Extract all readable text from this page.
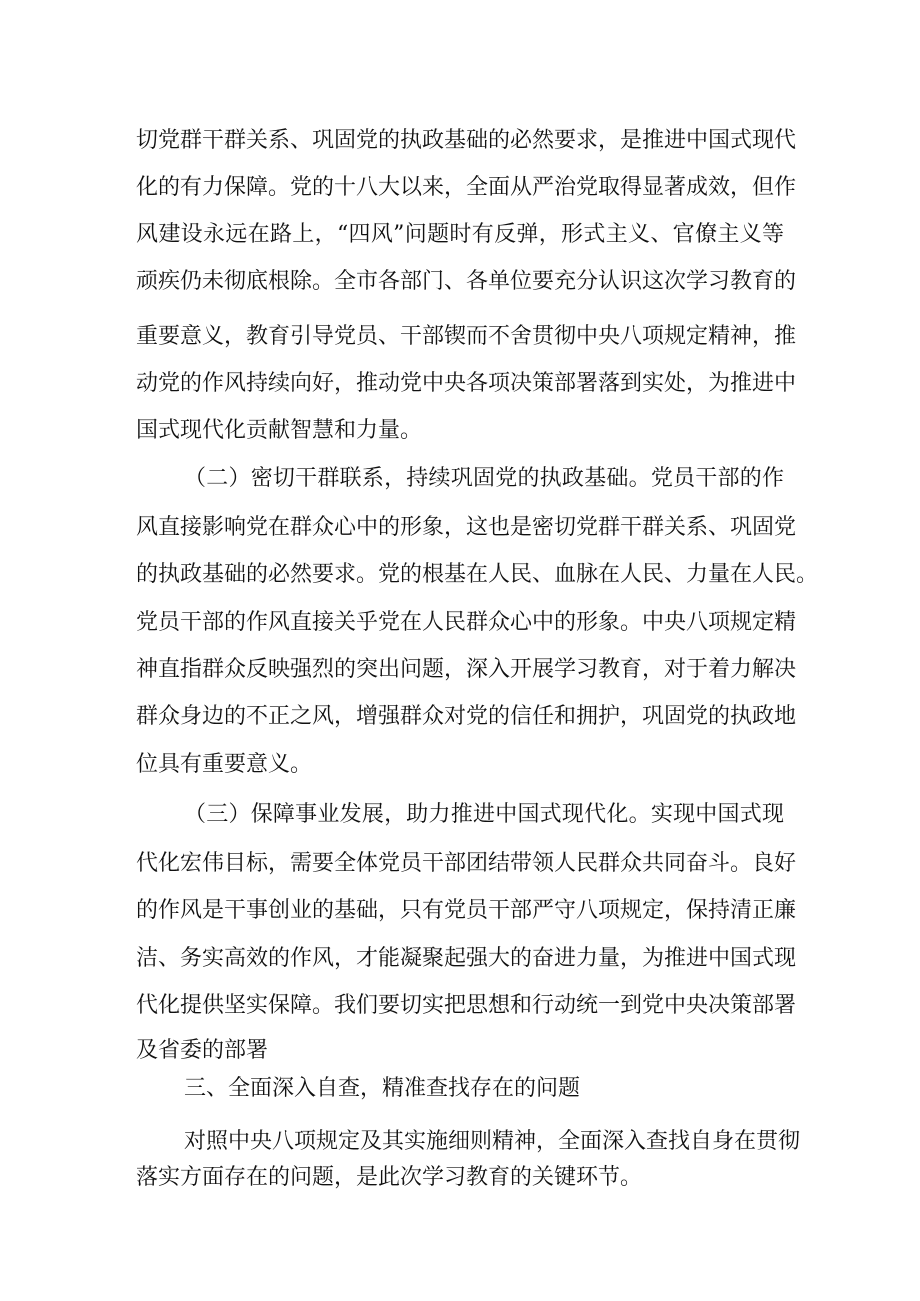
切党群干群关系、巩固党的执政基础的必然要求，是推进中国式现代
化的有力保障。党的十八大以来，全面从严治党取得显著成效，但作
风建设永远在路上，“四风”问题时有反弹，形式主义、官僚主义等
顽疾仍未彻底根除。全市各部门、各单位要充分认识这次学习教育的
重要意义，教育引导党员、干部锲而不舍贯彻中央八项规定精神，推
动党的作风持续向好，推动党中央各项决策部署落到实处，为推进中
国式现代化贡献智慧和力量。
（二）密切干群联系，持续巩固党的执政基础。党员干部的作
风直接影响党在群众心中的形象，这也是密切党群干群关系、巩固党
的执政基础的必然要求。党的根基在人民、血脉在人民、力量在人民。
党员干部的作风直接关乎党在人民群众心中的形象。中央八项规定精
神直指群众反映强烈的突出问题，深入开展学习教育，对于着力解决
群众身边的不正之风，增强群众对党的信任和拥护，巩固党的执政地
位具有重要意义。
（三）保障事业发展，助力推进中国式现代化。实现中国式现
代化宏伟目标，需要全体党员干部团结带领人民群众共同奋斗。良好
的作风是干事创业的基础，只有党员干部严守八项规定，保持清正廉
洁、务实高效的作风，才能凝聚起强大的奋进力量，为推进中国式现
代化提供坚实保障。我们要切实把思想和行动统一到党中央决策部署
及省委的部署
三、全面深入自查，精准查找存在的问题
对照中央八项规定及其实施细则精神，全面深入查找自身在贯彻
落实方面存在的问题，是此次学习教育的关键环节。
